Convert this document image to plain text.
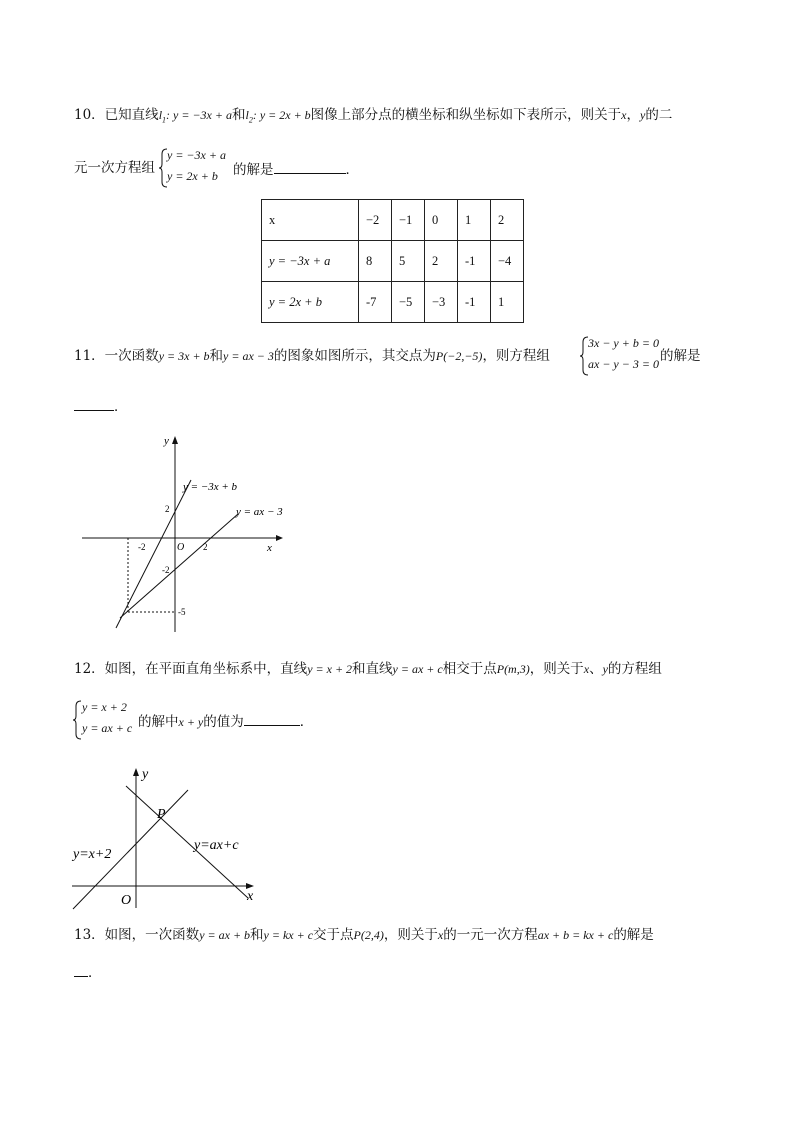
10．已知直线$l_1$: y = −3x + a和$l_2$: y = 2x + b图像上部分点的横坐标和纵坐标如下表所示，则关于x，y的二
元一次方程组
y = −3x + a
y = 2x + b 的解是	．
x	−2	−1	0	1	2
y = −3x + a	8	5	2	-1	−4
y = 2x + b	-7	−5	−3	-1	1
11．一次函数y = 3x + b和y = ax − 3的图象如图所示，其交点为P(−2,−5)，则方程组
3x − y + b = 0
ax − y − 3 = 0 的解是
．
y = −3x + b
y = ax − 3
y
x
O
-2	2
2
-2
-5
12．如图，在平面直角坐标系中，直线y = x + 2和直线y = ax + c相交于点P(m,3)，则关于x、y的方程组
y = x + 2
y = ax + c 的解中x + y的值为	．
y
x
O
P
y=x+2
y=ax+c
13．如图，一次函数y = ax + b和y = kx + c交于点P(2,4)，则关于x的一元一次方程ax + b = kx + c的解是
．
